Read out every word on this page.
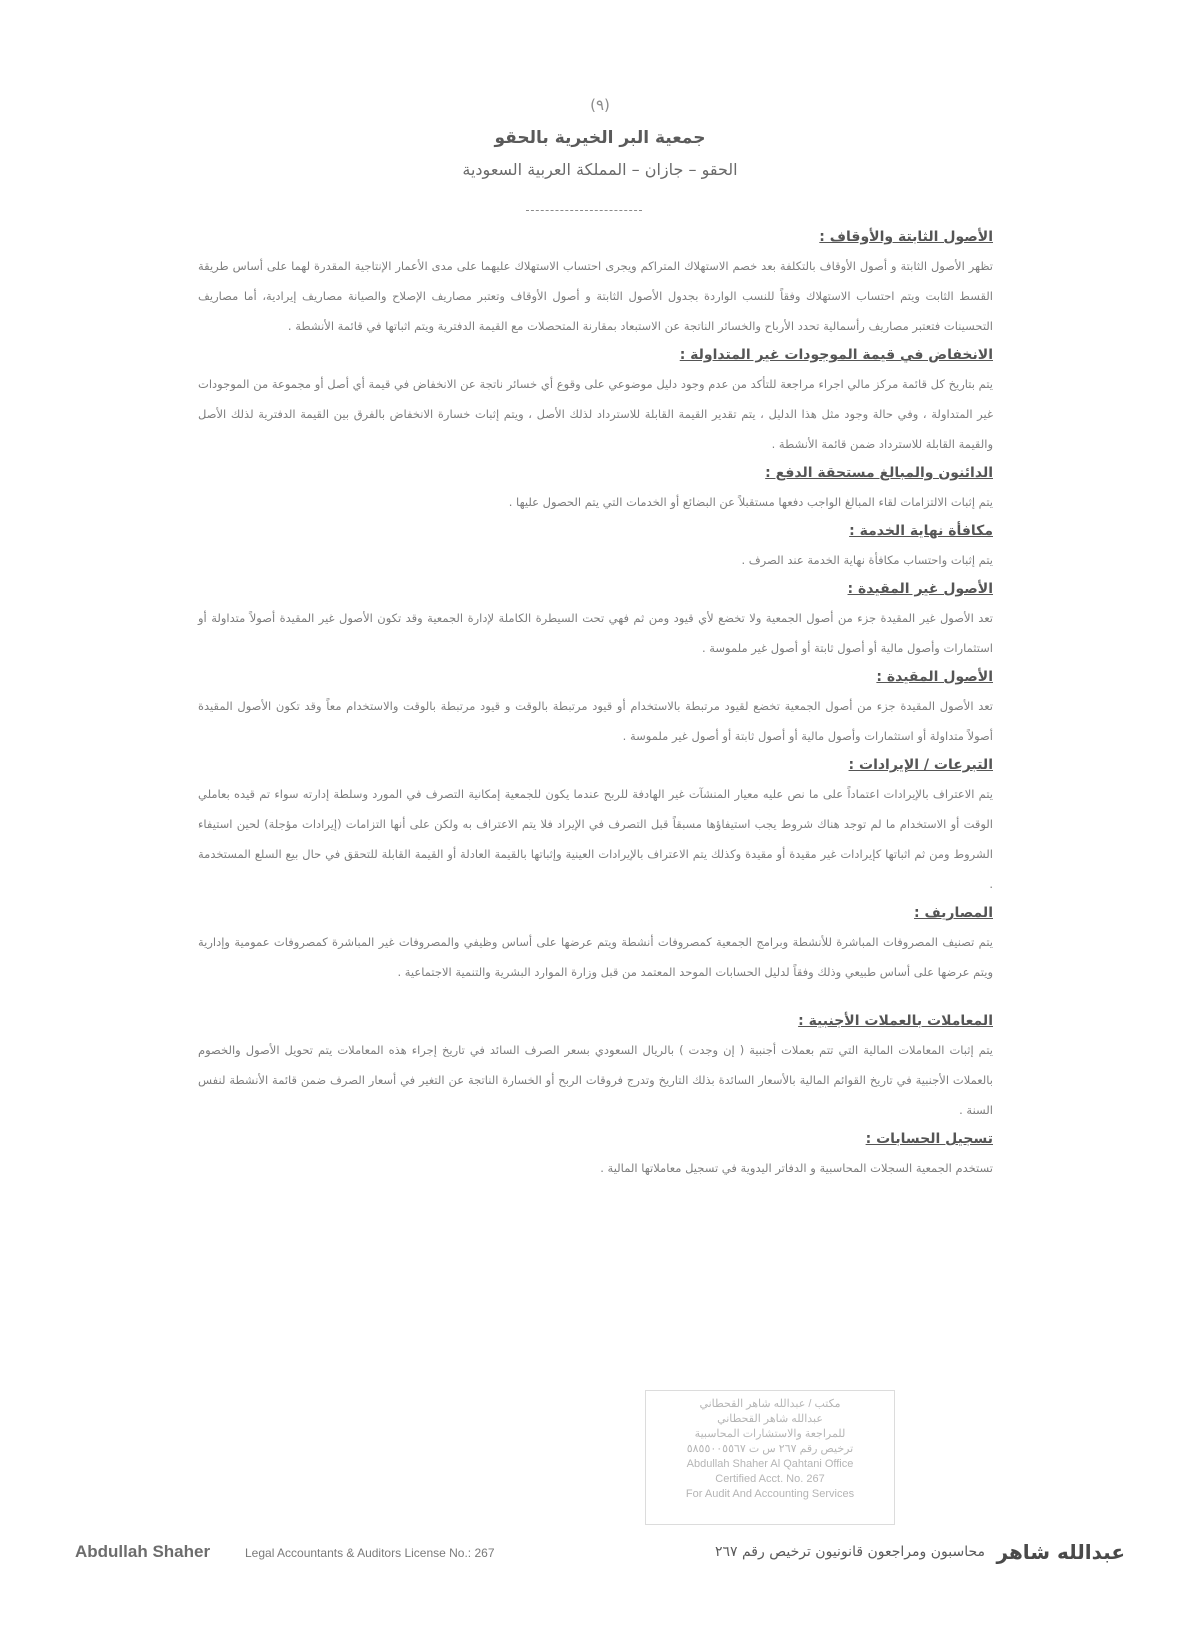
(٩)
جمعية البر الخيرية بالحقو
الحقو – جازان – المملكة العربية السعودية

الأصول الثابتة والأوقاف :

تظهر الأصول الثابتة و أصول الأوقاف بالتكلفة بعد خصم الاستهلاك المتراكم ويجرى احتساب الاستهلاك عليهما على مدى الأعمار الإنتاجية المقدرة لهما على أساس طريقة القسط الثابت ويتم احتساب الاستهلاك وفقاً للنسب الواردة بجدول الأصول الثابتة و أصول الأوقاف وتعتبر مصاريف الإصلاح والصيانة مصاريف إيرادية، أما مصاريف التحسينات فتعتبر مصاريف رأسمالية تحدد الأرباح والخسائر الناتجة عن الاستبعاد بمقارنة المتحصلات مع القيمة الدفترية ويتم اثباتها في قائمة الأنشطة .

الانخفاض في قيمة الموجودات غير المتداولة :

يتم بتاريخ كل قائمة مركز مالي اجراء مراجعة للتأكد من عدم وجود دليل موضوعي على وقوع أي خسائر ناتجة عن الانخفاض في قيمة أي أصل أو مجموعة من الموجودات غير المتداولة ، وفي حالة وجود مثل هذا الدليل ، يتم تقدير القيمة القابلة للاسترداد لذلك الأصل ، ويتم إثبات خسارة الانخفاض بالفرق بين القيمة الدفترية لذلك الأصل والقيمة القابلة للاسترداد ضمن قائمة الأنشطة .

الدائنون والمبالغ مستحقة الدفع :

يتم إثبات الالتزامات لقاء المبالغ الواجب دفعها مستقبلاً عن البضائع أو الخدمات التي يتم الحصول عليها .

مكافأة نهاية الخدمة :

يتم إثبات واحتساب مكافأة نهاية الخدمة عند الصرف .

الأصول غير المقيدة :

تعد الأصول غير المقيدة جزء من أصول الجمعية ولا تخضع لأي قيود ومن ثم فهي تحت السيطرة الكاملة لإدارة الجمعية وقد تكون الأصول غير المقيدة أصولاً متداولة أو استثمارات وأصول مالية أو أصول ثابتة أو أصول غير ملموسة .

الأصول المقيدة :

تعد الأصول المقيدة جزء من أصول الجمعية تخضع لقيود مرتبطة بالاستخدام أو قيود مرتبطة بالوقت و قيود مرتبطة بالوقت والاستخدام معاً وقد تكون الأصول المقيدة أصولاً متداولة أو استثمارات وأصول مالية أو أصول ثابتة أو أصول غير ملموسة .

التبرعات / الإيرادات :

يتم الاعتراف بالإيرادات اعتماداً على ما نص عليه معيار المنشآت غير الهادفة للربح عندما يكون للجمعية إمكانية التصرف في المورد وسلطة إدارته سواء تم قيده بعاملي الوقت أو الاستخدام ما لم توجد هناك شروط يجب استيفاؤها مسبقاً قبل التصرف في الإيراد فلا يتم الاعتراف به ولكن على أنها التزامات (إيرادات مؤجلة) لحين استيفاء الشروط ومن ثم اثباتها كإيرادات غير مقيدة أو مقيدة وكذلك يتم الاعتراف بالإيرادات العينية وإثباتها بالقيمة العادلة أو القيمة القابلة للتحقق في حال بيع السلع المستخدمة .

المصاريف :

يتم تصنيف المصروفات المباشرة للأنشطة وبرامج الجمعية كمصروفات أنشطة ويتم عرضها على أساس وظيفي والمصروفات غير المباشرة كمصروفات عمومية وإدارية ويتم عرضها على أساس طبيعي وذلك وفقاً لدليل الحسابات الموحد المعتمد من قبل وزارة الموارد البشرية والتنمية الاجتماعية .

المعاملات بالعملات الأجنبية :

يتم إثبات المعاملات المالية التي تتم بعملات أجنبية ( إن وجدت ) بالريال السعودي بسعر الصرف السائد في تاريخ إجراء هذه المعاملات يتم تحويل الأصول والخصوم بالعملات الأجنبية في تاريخ القوائم المالية بالأسعار السائدة بذلك التاريخ وتدرج فروقات الربح أو الخسارة الناتجة عن التغير في أسعار الصرف ضمن قائمة الأنشطة لنفس السنة .

تسجيل الحسابات :

تستخدم الجمعية السجلات المحاسبية و الدفاتر اليدوية في تسجيل معاملاتها المالية .

مكتب / عبدالله شاهر القحطاني
عبدالله شاهر القحطاني
للمراجعة والاستشارات المحاسبية
ترخيص رقم ٢٦٧ س ت ٥٨٥٥٠٠٥٥٦٧
Abdullah Shaher Al Qahtani Office
Certified Acct. No. 267
For Audit And Accounting Services
Abdullah Shaher	Legal Accountants & Auditors License No.: 267	محاسبون ومراجعون قانونيون ترخيص رقم ٢٦٧ عبدالله شاهر
